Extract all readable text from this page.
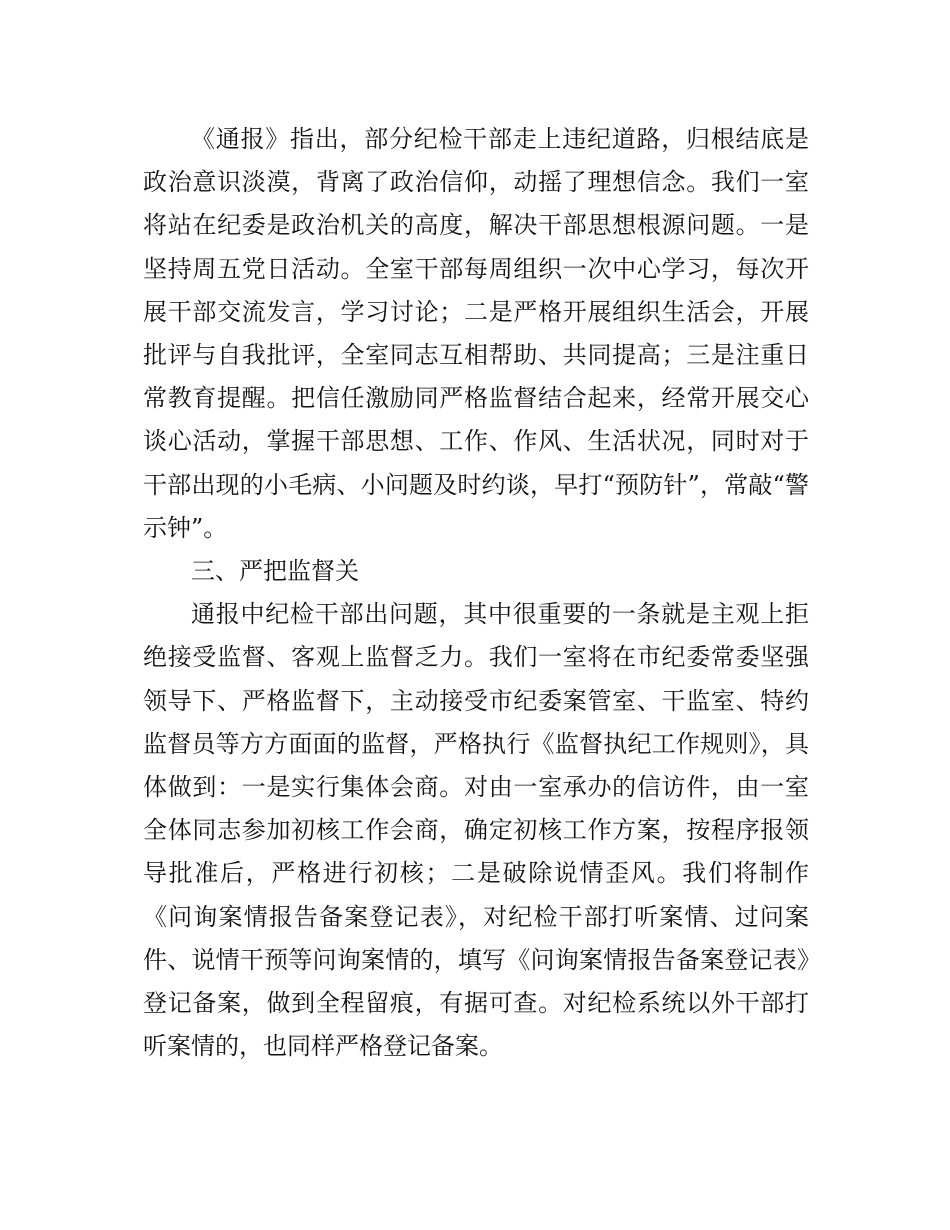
《通报》指出，部分纪检干部走上违纪道路，归根结底是政治意识淡漠，背离了政治信仰，动摇了理想信念。我们一室将站在纪委是政治机关的高度，解决干部思想根源问题。一是坚持周五党日活动。全室干部每周组织一次中心学习，每次开展干部交流发言，学习讨论；二是严格开展组织生活会，开展批评与自我批评，全室同志互相帮助、共同提高；三是注重日常教育提醒。把信任激励同严格监督结合起来，经常开展交心谈心活动，掌握干部思想、工作、作风、生活状况，同时对于干部出现的小毛病、小问题及时约谈，早打“预防针”，常敲“警示钟”。

三、严把监督关

通报中纪检干部出问题，其中很重要的一条就是主观上拒绝接受监督、客观上监督乏力。我们一室将在市纪委常委坚强领导下、严格监督下，主动接受市纪委案管室、干监室、特约监督员等方方面面的监督，严格执行《监督执纪工作规则》，具体做到：一是实行集体会商。对由一室承办的信访件，由一室全体同志参加初核工作会商，确定初核工作方案，按程序报领导批准后，严格进行初核；二是破除说情歪风。我们将制作《问询案情报告备案登记表》，对纪检干部打听案情、过问案件、说情干预等问询案情的，填写《问询案情报告备案登记表》登记备案，做到全程留痕，有据可查。对纪检系统以外干部打听案情的，也同样严格登记备案。
